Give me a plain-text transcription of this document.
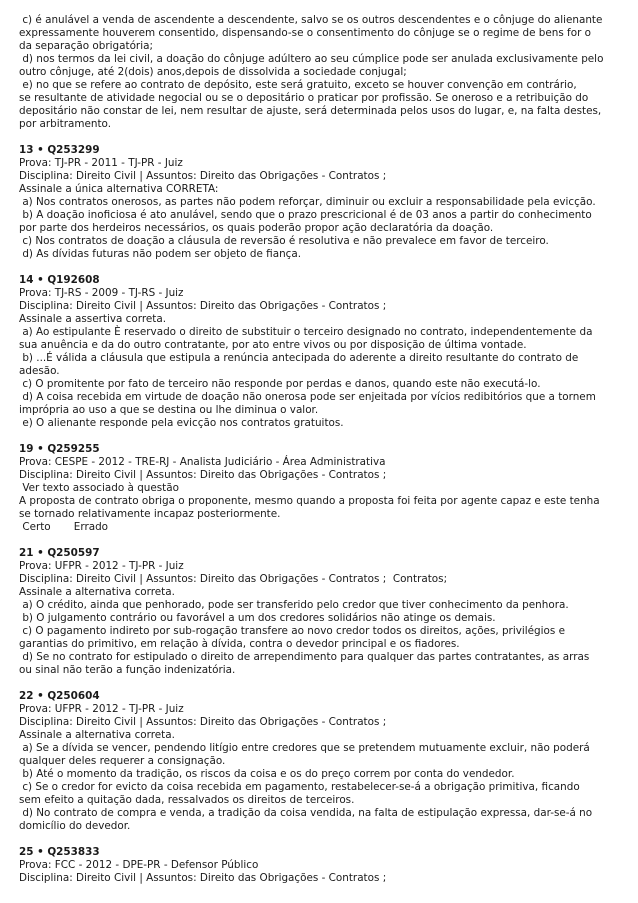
c) é anulável a venda de ascendente a descendente, salvo se os outros descendentes e o cônjuge do alienante
expressamente houverem consentido, dispensando-se o consentimento do cônjuge se o regime de bens for o
da separação obrigatória;
d) nos termos da lei civil, a doação do cônjuge adúltero ao seu cúmplice pode ser anulada exclusivamente pelo
outro cônjuge, até 2(dois) anos,depois de dissolvida a sociedade conjugal;
e) no que se refere ao contrato de depósito, este será gratuito, exceto se houver convenção em contrário,
se resultante de atividade negocial ou se o depositário o praticar por profissão. Se oneroso e a retribuição do
depositário não constar de lei, nem resultar de ajuste, será determinada pelos usos do lugar, e, na falta destes,
por arbitramento.
13 • Q253299
Prova: TJ-PR - 2011 - TJ-PR - Juiz
Disciplina: Direito Civil | Assuntos: Direito das Obrigações - Contratos ;
Assinale a única alternativa CORRETA:
a) Nos contratos onerosos, as partes não podem reforçar, diminuir ou excluir a responsabilidade pela evicção.
b) A doação inoficiosa é ato anulável, sendo que o prazo prescricional é de 03 anos a partir do conhecimento
por parte dos herdeiros necessários, os quais poderão propor ação declaratória da doação.
c) Nos contratos de doação a cláusula de reversão é resolutiva e não prevalece em favor de terceiro.
d) As dívidas futuras não podem ser objeto de fiança.
14 • Q192608
Prova: TJ-RS - 2009 - TJ-RS - Juiz
Disciplina: Direito Civil | Assuntos: Direito das Obrigações - Contratos ;
Assinale a assertiva correta.
a) Ao estipulante È reservado o direito de substituir o terceiro designado no contrato, independentemente da
sua anuência e da do outro contratante, por ato entre vivos ou por disposição de última vontade.
b) ...É válida a cláusula que estipula a renúncia antecipada do aderente a direito resultante do contrato de
adesão.
c) O promitente por fato de terceiro não responde por perdas e danos, quando este não executá-lo.
d) A coisa recebida em virtude de doação não onerosa pode ser enjeitada por vícios redibitórios que a tornem
imprópria ao uso a que se destina ou lhe diminua o valor.
e) O alienante responde pela evicção nos contratos gratuitos.
19 • Q259255
Prova: CESPE - 2012 - TRE-RJ - Analista Judiciário - Área Administrativa
Disciplina: Direito Civil | Assuntos: Direito das Obrigações - Contratos ;
Ver texto associado à questão
A proposta de contrato obriga o proponente, mesmo quando a proposta foi feita por agente capaz e este tenha
se tornado relativamente incapaz posteriormente.
Certo       Errado
21 • Q250597
Prova: UFPR - 2012 - TJ-PR - Juiz
Disciplina: Direito Civil | Assuntos: Direito das Obrigações - Contratos ;  Contratos;
Assinale a alternativa correta.
a) O crédito, ainda que penhorado, pode ser transferido pelo credor que tiver conhecimento da penhora.
b) O julgamento contrário ou favorável a um dos credores solidários não atinge os demais.
c) O pagamento indireto por sub-rogação transfere ao novo credor todos os direitos, ações, privilégios e
garantias do primitivo, em relação à dívida, contra o devedor principal e os fiadores.
d) Se no contrato for estipulado o direito de arrependimento para qualquer das partes contratantes, as arras
ou sinal não terão a função indenizatória.
22 • Q250604
Prova: UFPR - 2012 - TJ-PR - Juiz
Disciplina: Direito Civil | Assuntos: Direito das Obrigações - Contratos ;
Assinale a alternativa correta.
a) Se a dívida se vencer, pendendo litígio entre credores que se pretendem mutuamente excluir, não poderá
qualquer deles requerer a consignação.
b) Até o momento da tradição, os riscos da coisa e os do preço correm por conta do vendedor.
c) Se o credor for evicto da coisa recebida em pagamento, restabelecer-se-á a obrigação primitiva, ficando
sem efeito a quitação dada, ressalvados os direitos de terceiros.
d) No contrato de compra e venda, a tradição da coisa vendida, na falta de estipulação expressa, dar-se-á no
domicílio do devedor.
25 • Q253833
Prova: FCC - 2012 - DPE-PR - Defensor Público
Disciplina: Direito Civil | Assuntos: Direito das Obrigações - Contratos ;
